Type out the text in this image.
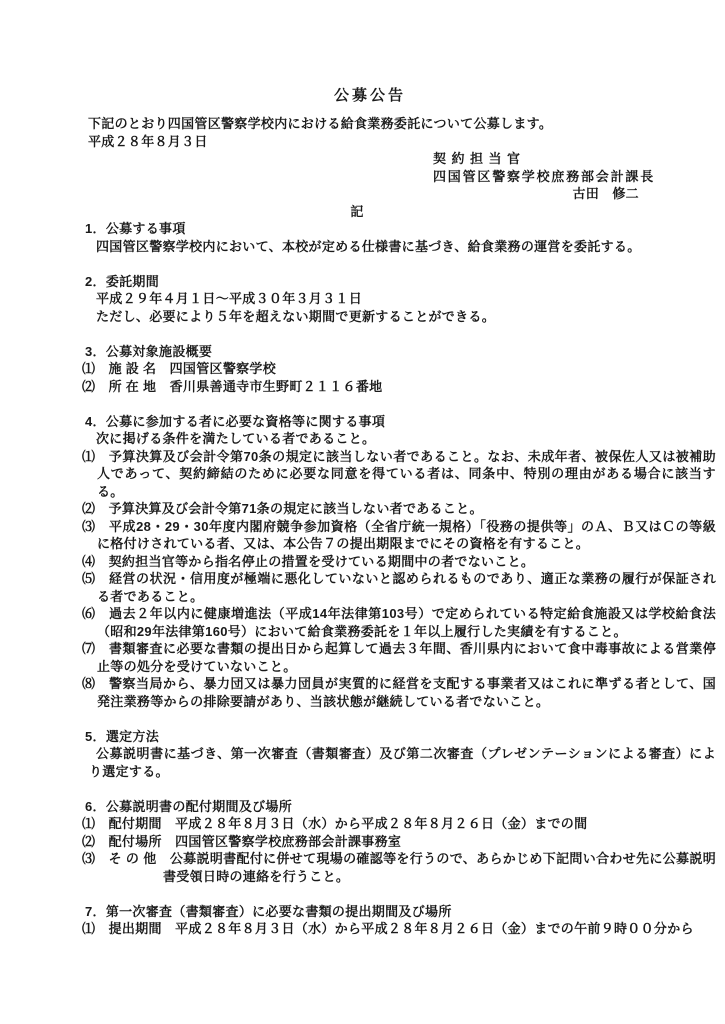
公募公告

下記のとおり四国管区警察学校内における給食業務委託について公募します。

平成２８年８月３日

契約担当官
四国管区警察学校庶務部会計課長
古田　修二
記
1．公募する事項

四国管区警察学校内において、本校が定める仕様書に基づき、給食業務の運営を委託する。

2．委託期間

平成２９年４月１日～平成３０年３月３１日

ただし、必要により５年を超えない期間で更新することができる。

3．公募対象施設概要

⑴　施 設 名　四国管区警察学校

⑵　所 在 地　香川県善通寺市生野町２１１６番地

4．公募に参加する者に必要な資格等に関する事項

次に掲げる条件を満たしている者であること。

⑴　予算決算及び会計令第70条の規定に該当しない者であること。なお、未成年者、被保佐人又は被補助人であって、契約締結のために必要な同意を得ている者は、同条中、特別の理由がある場合に該当する。

⑵　予算決算及び会計令第71条の規定に該当しない者であること。

⑶　平成28・29・30年度内閣府競争参加資格（全省庁統一規格）「役務の提供等」のＡ、Ｂ又はＣの等級に格付けされている者、又は、本公告７の提出期限までにその資格を有すること。

⑷　契約担当官等から指名停止の措置を受けている期間中の者でないこと。

⑸　経営の状況・信用度が極端に悪化していないと認められるものであり、適正な業務の履行が保証される者であること。

⑹　過去２年以内に健康増進法（平成14年法律第103号）で定められている特定給食施設又は学校給食法（昭和29年法律第160号）において給食業務委託を１年以上履行した実績を有すること。

⑺　書類審査に必要な書類の提出日から起算して過去３年間、香川県内において食中毒事故による営業停止等の処分を受けていないこと。

⑻　警察当局から、暴力団又は暴力団員が実質的に経営を支配する事業者又はこれに準ずる者として、国発注業務等からの排除要請があり、当該状態が継続している者でないこと。

5．選定方法

公募説明書に基づき、第一次審査（書類審査）及び第二次審査（プレゼンテーションによる審査）により選定する。

6．公募説明書の配付期間及び場所

⑴　配付期間　平成２８年８月３日（水）から平成２８年８月２６日（金）までの間

⑵　配付場所　四国管区警察学校庶務部会計課事務室

⑶　そ の 他　公募説明書配付に併せて現場の確認等を行うので、あらかじめ下記問い合わせ先に公募説明書受領日時の連絡を行うこと。

7．第一次審査（書類審査）に必要な書類の提出期間及び場所

⑴　提出期間　平成２８年８月３日（水）から平成２８年８月２６日（金）までの午前９時００分から
